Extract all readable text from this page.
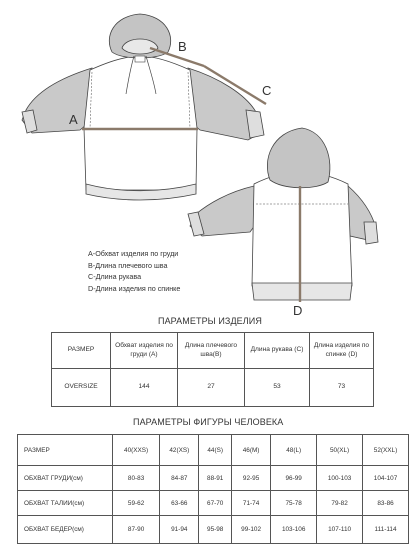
A
B
C
D
A-Обхват изделия по груди
B-Длина плечевого шва
C-Длина рукава
D-Длина изделия по спинке
ПАРАМЕТРЫ ИЗДЕЛИЯ
РАЗМЕР	Обхват изделия по груди (А)	Длина плечевого шва(B)	Длина рукава (C)	Длина изделия по спинке (D)
OVERSIZE	144	27	53	73
ПАРАМЕТРЫ ФИГУРЫ ЧЕЛОВЕКА
РАЗМЕР	40(XXS)	42(XS)	44(S)	46(M)	48(L)	50(XL)	52(XXL)
ОБХВАТ ГРУДИ(см)	80-83	84-87	88-91	92-95	96-99	100-103	104-107
ОБХВАТ ТАЛИИ(см)	59-62	63-66	67-70	71-74	75-78	79-82	83-86
ОБХВАТ БЕДЕР(см)	87-90	91-94	95-98	99-102	103-106	107-110	111-114
